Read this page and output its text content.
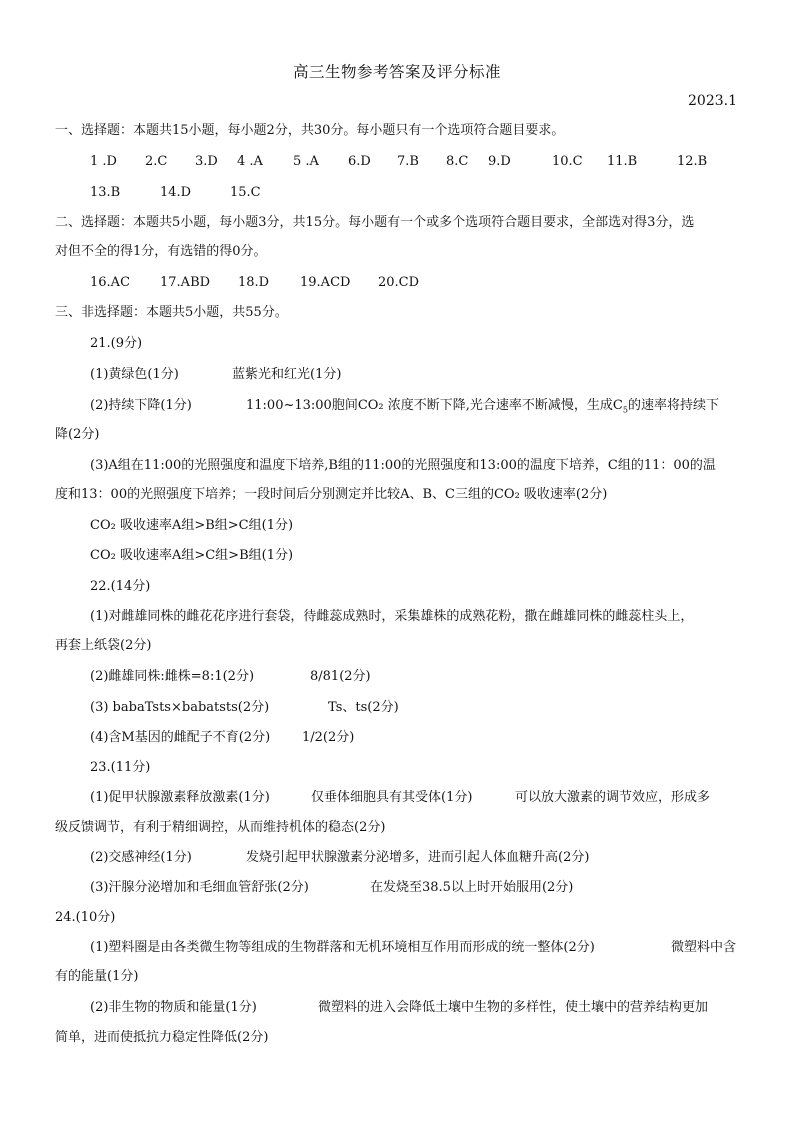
高三生物参考答案及评分标准
2023.1
一、选择题：本题共15小题，每小题2分，共30分。每小题只有一个选项符合题目要求。
1 .D 2.C 3.D 4 .A 5 .A 6.D 7.B 8.C 9.D	10.C 11.B	12.B
13.B	14.D	15.C
二、选择题：本题共5小题，每小题3分，共15分。每小题有一个或多个选项符合题目要求，全部选对得3分，选
对但不全的得1分，有选错的得0分。
16.AC 17.ABD 18.D 19.ACD 20.CD
三、非选择题：本题共5小题，共55分。
21.(9分)
(1)黄绿色(1分)	蓝紫光和红光(1分)
(2)持续下降(1分)	11:00~13:00胞间CO₂ 浓度不断下降,光合速率不断减慢，生成$C_5$的速率将持续下
降(2分)
(3)A组在11:00的光照强度和温度下培养,B组的11:00的光照强度和13:00的温度下培养，C组的11：00的温
度和13：00的光照强度下培养；一段时间后分别测定并比较A、B、C三组的CO₂ 吸收速率(2分)
CO₂ 吸收速率A组>B组>C组(1分)
CO₂ 吸收速率A组>C组>B组(1分)
22.(14分)
(1)对雌雄同株的雌花花序进行套袋，待雌蕊成熟时，采集雄株的成熟花粉，撒在雌雄同株的雌蕊柱头上，
再套上纸袋(2分)
(2)雌雄同株:雌株=8:1(2分)	8/81(2分)
(3) babaTsts×babatsts(2分)	Ts、ts(2分)
(4)含M基因的雌配子不育(2分) 1/2(2分)
23.(11分)
(1)促甲状腺激素释放激素(1分)	仅垂体细胞具有其受体(1分)	可以放大激素的调节效应，形成多
级反馈调节，有利于精细调控，从而维持机体的稳态(2分)
(2)交感神经(1分)	发烧引起甲状腺激素分泌增多，进而引起人体血糖升高(2分)
(3)汗腺分泌增加和毛细血管舒张(2分)	在发烧至38.5以上时开始服用(2分)
24.(10分)
(1)塑料圈是由各类微生物等组成的生物群落和无机环境相互作用而形成的统一整体(2分)	微塑料中含
有的能量(1分)
(2)非生物的物质和能量(1分)	微塑料的进入会降低土壤中生物的多样性，使土壤中的营养结构更加
简单，进而使抵抗力稳定性降低(2分)
